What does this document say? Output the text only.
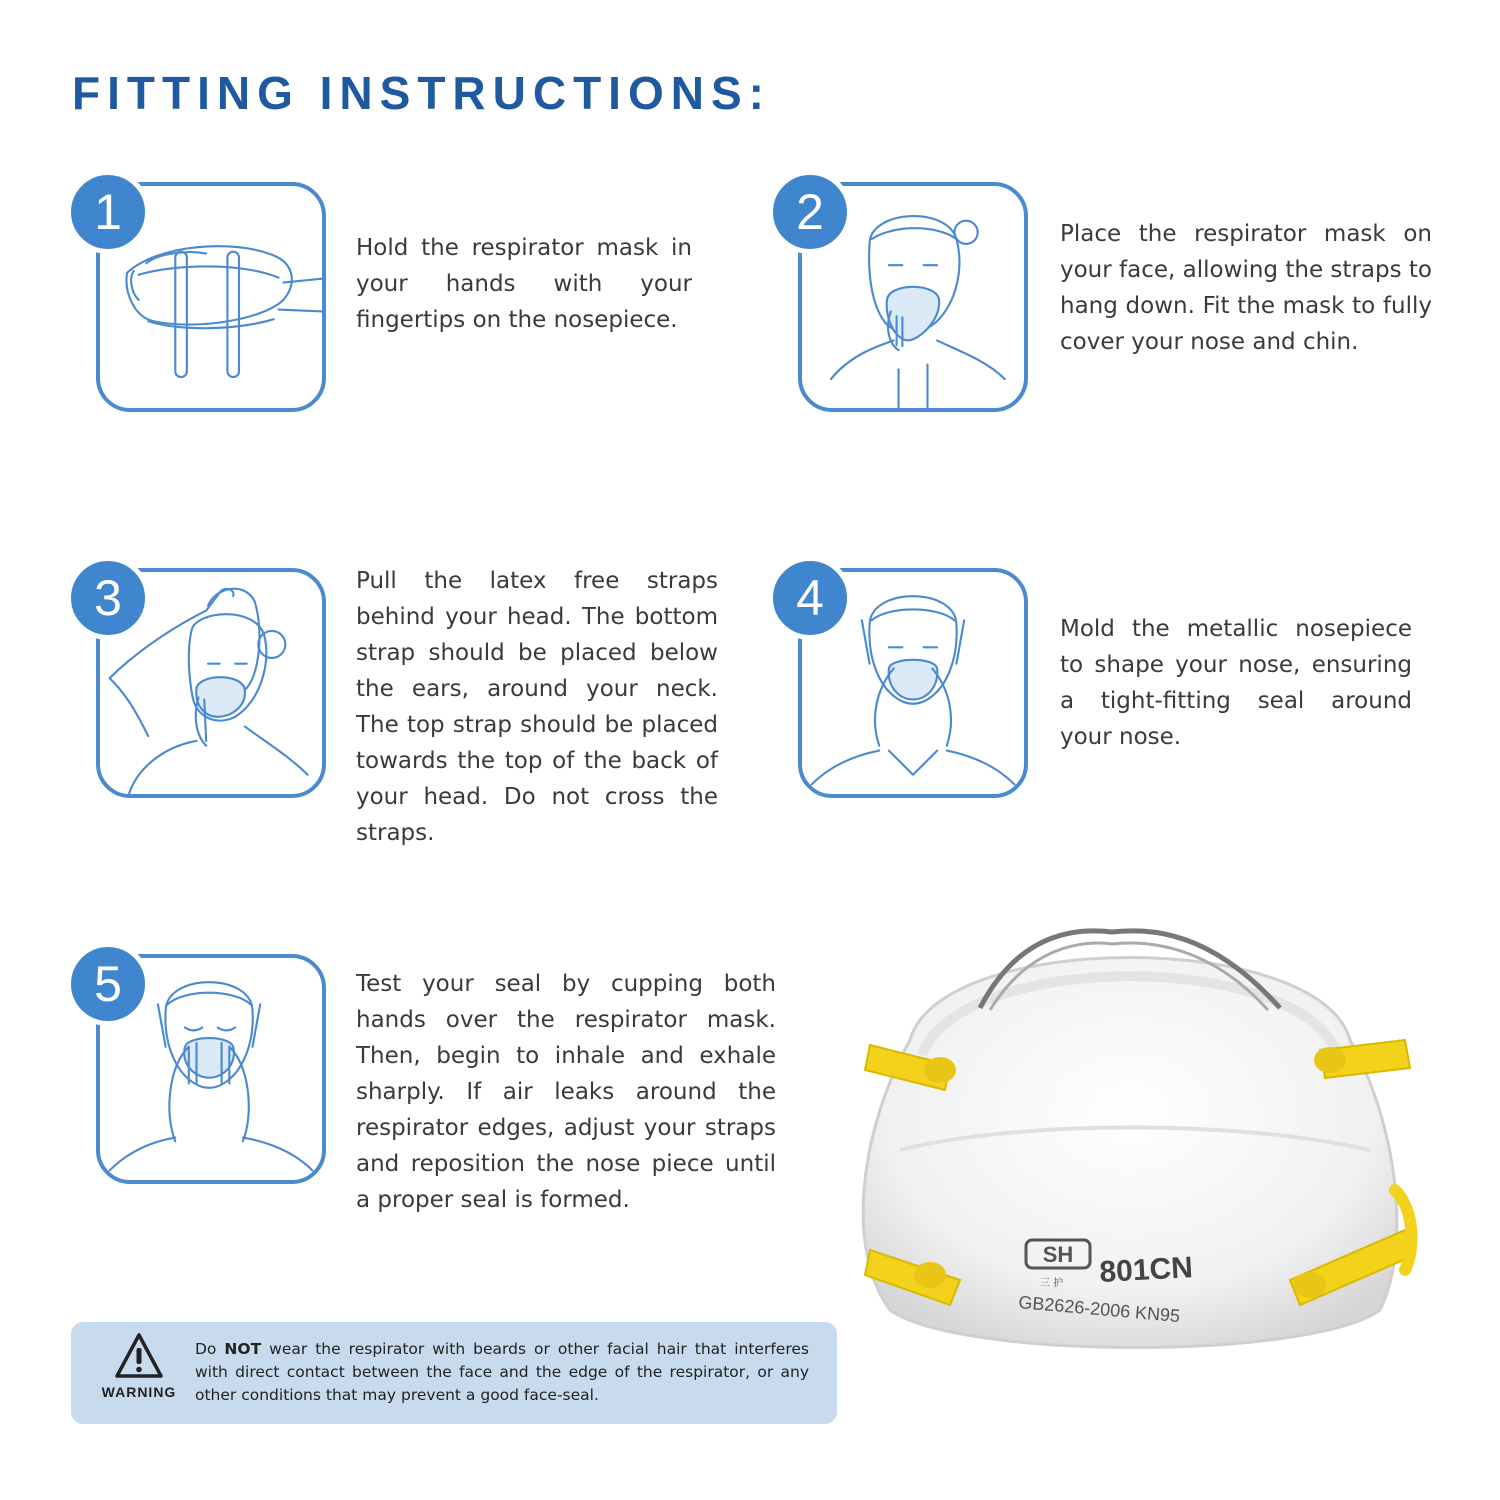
FITTING INSTRUCTIONS:
1

Hold the respirator mask in your hands with your fingertips on the nosepiece.

2	Place the respirator mask on your face, allowing the straps to hang down. Fit the mask to fully cover your nose and chin.

3	Pull the latex free straps behind your head. The bottom strap should be placed below the ears, around your neck. The top strap should be placed towards the top of the back of your head. Do not cross the straps.

4

Mold the metallic nosepiece to shape your nose, ensuring a tight-fitting seal around your nose.

5	Test your seal by cupping both hands over the respirator mask. Then, begin to inhale and exhale sharply. If air leaks around the respirator edges, adjust your straps and reposition the nose piece until a proper seal is formed.

WARNING

Do NOT wear the respirator with beards or other facial hair that interferes with direct contact between the face and the edge of the respirator, or any other conditions that may prevent a good face-seal.

SH
三 护 801CN
GB2626-2006 KN95
